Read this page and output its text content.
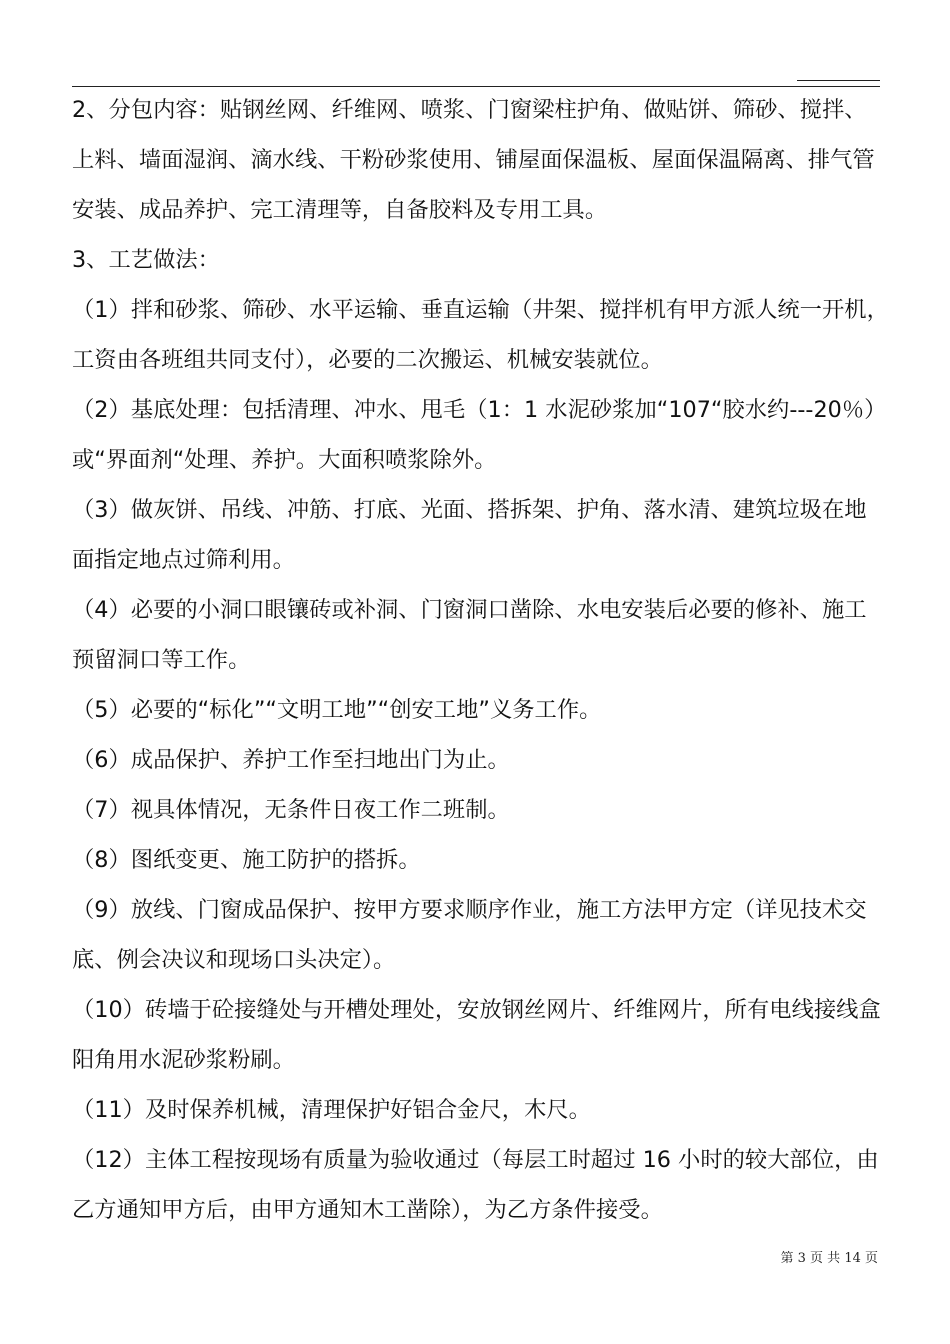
2、分包内容：贴钢丝网、纤维网、喷浆、门窗梁柱护角、做贴饼、筛砂、搅拌、
上料、墙面湿润、滴水线、干粉砂浆使用、铺屋面保温板、屋面保温隔离、排气管
安装、成品养护、完工清理等，自备胶料及专用工具。
3、工艺做法：
（1）拌和砂浆、筛砂、水平运输、垂直运输（井架、搅拌机有甲方派人统一开机，
工资由各班组共同支付），必要的二次搬运、机械安装就位。
（2）基底处理：包括清理、冲水、甩毛（1：1 水泥砂浆加“107“胶水约---20％）
或“界面剂“处理、养护。大面积喷浆除外。
（3）做灰饼、吊线、冲筋、打底、光面、搭拆架、护角、落水清、建筑垃圾在地
面指定地点过筛利用。
（4）必要的小洞口眼镶砖或补洞、门窗洞口凿除、水电安装后必要的修补、施工
预留洞口等工作。
（5）必要的“标化”“文明工地”“创安工地”义务工作。
（6）成品保护、养护工作至扫地出门为止。
（7）视具体情况，无条件日夜工作二班制。
（8）图纸变更、施工防护的搭拆。
（9）放线、门窗成品保护、按甲方要求顺序作业，施工方法甲方定（详见技术交
底、例会决议和现场口头决定）。
（10）砖墙于砼接缝处与开槽处理处，安放钢丝网片、纤维网片，所有电线接线盒
阳角用水泥砂浆粉刷。
（11）及时保养机械，清理保护好铝合金尺，木尺。
（12）主体工程按现场有质量为验收通过（每层工时超过 16 小时的较大部位，由
乙方通知甲方后，由甲方通知木工凿除），为乙方条件接受。
第 3 页 共 14 页
